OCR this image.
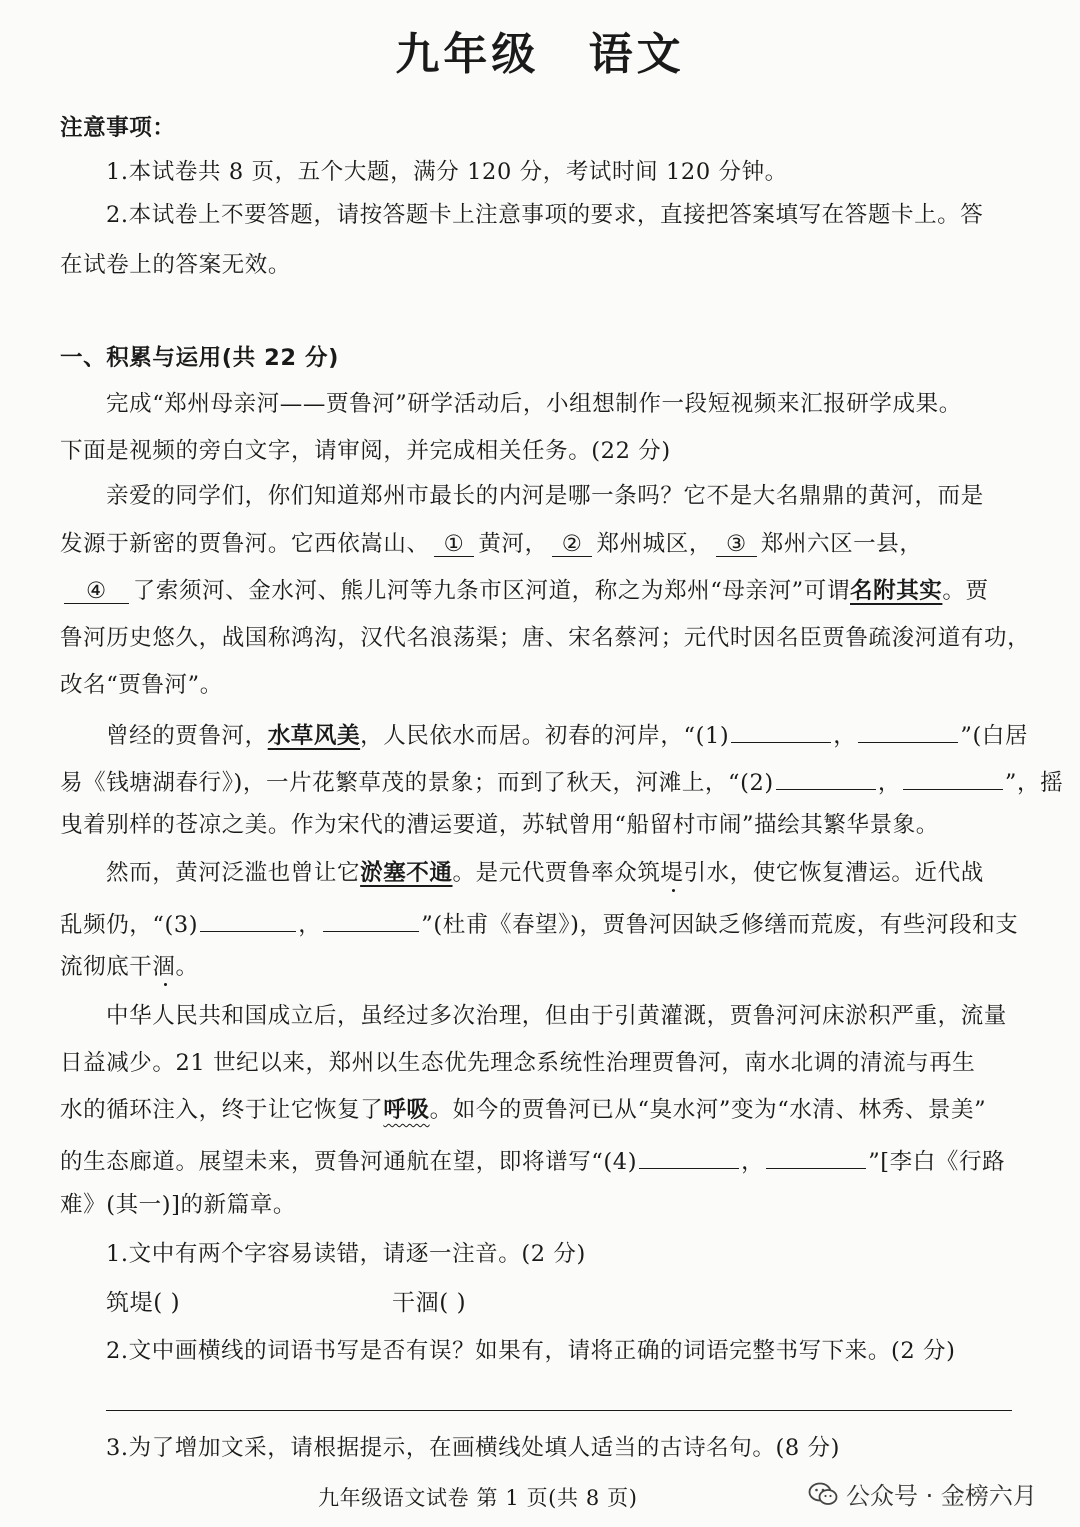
九年级 语文
注意事项：
1.本试卷共 8 页，五个大题，满分 120 分，考试时间 120 分钟。
2.本试卷上不要答题，请按答题卡上注意事项的要求，直接把答案填写在答题卡上。答
在试卷上的答案无效。
一、积累与运用(共 22 分)
完成“郑州母亲河——贾鲁河”研学活动后，小组想制作一段短视频来汇报研学成果。
下面是视频的旁白文字，请审阅，并完成相关任务。(22 分)
亲爱的同学们，你们知道郑州市最长的内河是哪一条吗？它不是大名鼎鼎的黄河，而是
发源于新密的贾鲁河。它西依嵩山、 ① 黄河， ② 郑州城区， ③ 郑州六区一县，
④ 了索须河、金水河、熊儿河等九条市区河道，称之为郑州“母亲河”可谓名附其实。贾
鲁河历史悠久，战国称鸿沟，汉代名浪荡渠；唐、宋名蔡河；元代时因名臣贾鲁疏浚河道有功，
改名“贾鲁河”。
曾经的贾鲁河，水草风美，人民依水而居。初春的河岸，“(1)	，	”(白居
易《钱塘湖春行》)，一片花繁草茂的景象；而到了秋天，河滩上，“(2)	，	”，摇
曳着别样的苍凉之美。作为宋代的漕运要道，苏轼曾用“船留村市闹”描绘其繁华景象。
然而，黄河泛滥也曾让它淤塞不通。是元代贾鲁率众筑堤引水，使它恢复漕运。近代战
乱频仍，“(3)	，	”(杜甫《春望》)，贾鲁河因缺乏修缮而荒废，有些河段和支
流彻底干涸。
中华人民共和国成立后，虽经过多次治理，但由于引黄灌溉，贾鲁河河床淤积严重，流量
日益减少。21 世纪以来，郑州以生态优先理念系统性治理贾鲁河，南水北调的清流与再生
水的循环注入，终于让它恢复了呼吸。如今的贾鲁河已从“臭水河”变为“水清、林秀、景美”
的生态廊道。展望未来，贾鲁河通航在望，即将谱写“(4)	，	”[李白《行路
难》(其一)]的新篇章。
1.文中有两个字容易读错，请逐一注音。(2 分)
筑堤( )	干涸( )
2.文中画横线的词语书写是否有误？如果有，请将正确的词语完整书写下来。(2 分)
3.为了增加文采，请根据提示，在画横线处填人适当的古诗名句。(8 分)
九年级语文试卷 第 1 页(共 8 页)	公众号 · 金榜六月
